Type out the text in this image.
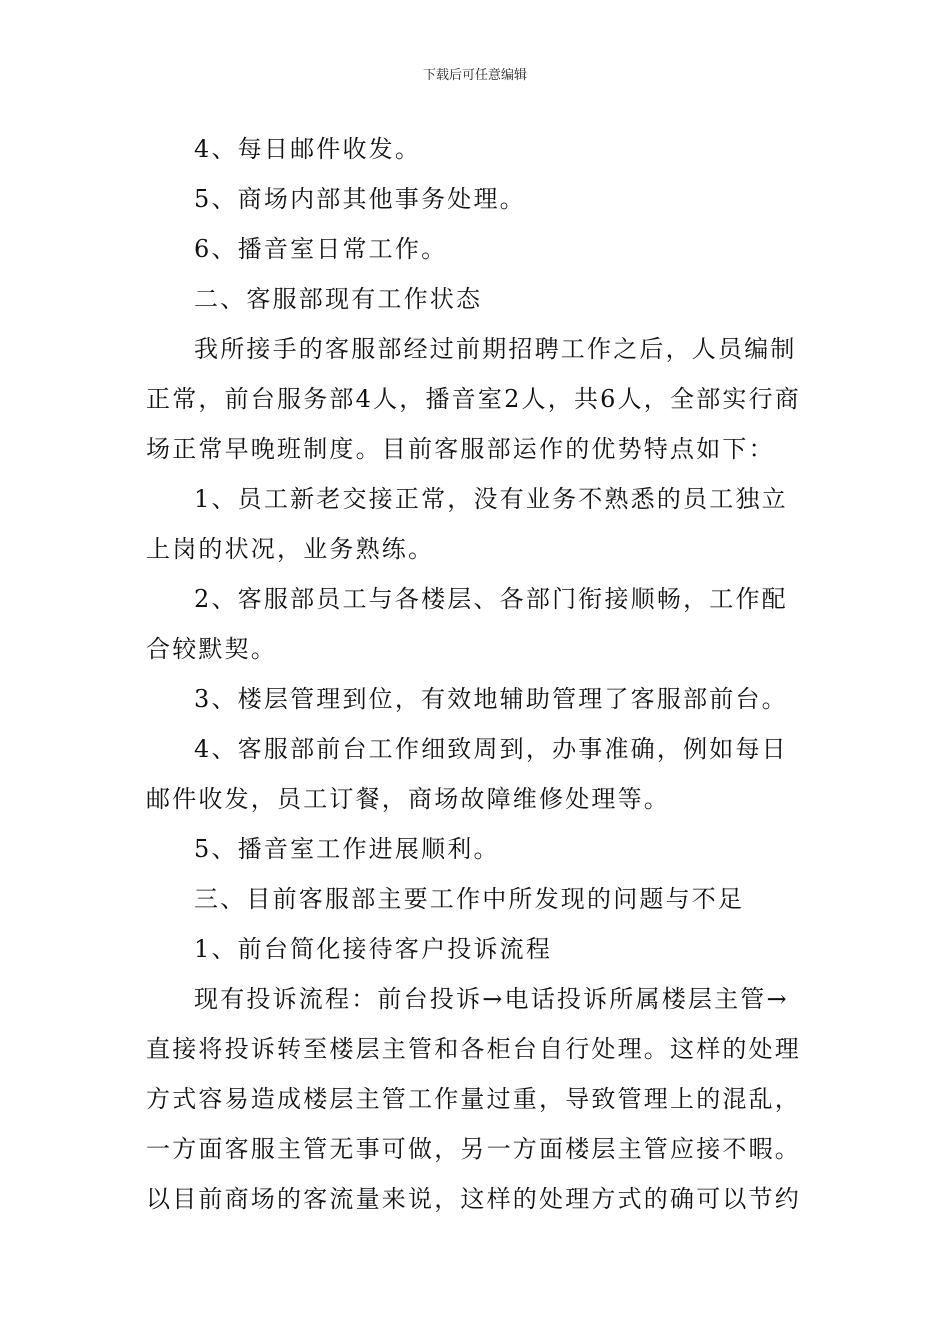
下载后可任意编辑

4、每日邮件收发。

5、商场内部其他事务处理。

6、播音室日常工作。

二、客服部现有工作状态

我所接手的客服部经过前期招聘工作之后，人员编制正常，前台服务部4人，播音室2人，共6人，全部实行商场正常早晚班制度。目前客服部运作的优势特点如下：

1、员工新老交接正常，没有业务不熟悉的员工独立上岗的状况，业务熟练。

2、客服部员工与各楼层、各部门衔接顺畅，工作配合较默契。

3、楼层管理到位，有效地辅助管理了客服部前台。

4、客服部前台工作细致周到，办事准确，例如每日邮件收发，员工订餐，商场故障维修处理等。

5、播音室工作进展顺利。

三、目前客服部主要工作中所发现的问题与不足

1、前台简化接待客户投诉流程

现有投诉流程：前台投诉→电话投诉所属楼层主管→直接将投诉转至楼层主管和各柜台自行处理。这样的处理方式容易造成楼层主管工作量过重，导致管理上的混乱，一方面客服主管无事可做，另一方面楼层主管应接不暇。以目前商场的客流量来说，这样的处理方式的确可以节约
